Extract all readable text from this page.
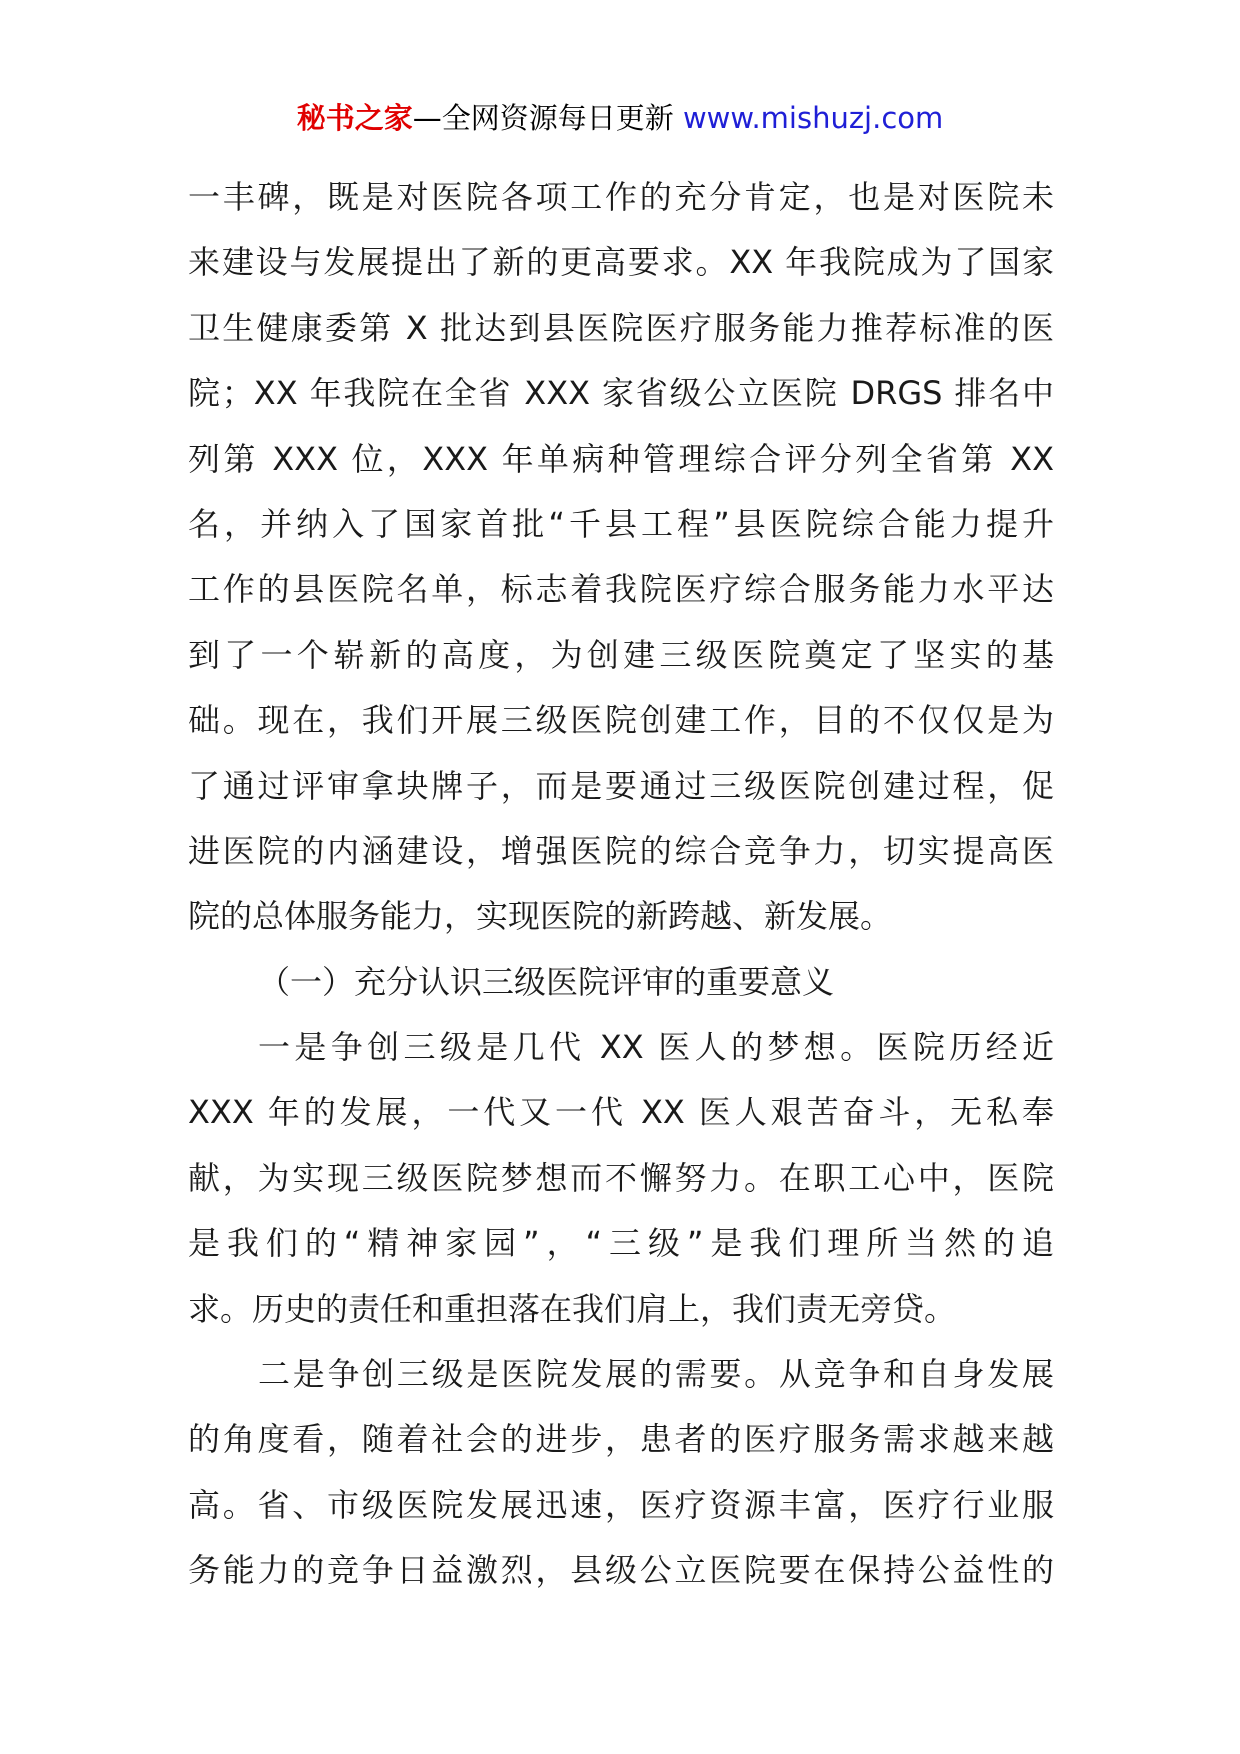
秘书之家—全网资源每日更新 www.mishuzj.com
一丰碑，既是对医院各项工作的充分肯定，也是对医院未
来建设与发展提出了新的更高要求。XX 年我院成为了国家
卫生健康委第 X 批达到县医院医疗服务能力推荐标准的医
院；XX 年我院在全省 XXX 家省级公立医院 DRGS 排名中
列第 XXX 位，XXX 年单病种管理综合评分列全省第 XX
名，并纳入了国家首批“千县工程”县医院综合能力提升
工作的县医院名单，标志着我院医疗综合服务能力水平达
到了一个崭新的高度，为创建三级医院奠定了坚实的基
础。现在，我们开展三级医院创建工作，目的不仅仅是为
了通过评审拿块牌子，而是要通过三级医院创建过程，促
进医院的内涵建设，增强医院的综合竞争力，切实提高医
院的总体服务能力，实现医院的新跨越、新发展。
（一）充分认识三级医院评审的重要意义
一是争创三级是几代 XX 医人的梦想。医院历经近
XXX 年的发展，一代又一代 XX 医人艰苦奋斗，无私奉
献，为实现三级医院梦想而不懈努力。在职工心中，医院
是我们的“精神家园”，“三级”是我们理所当然的追
求。历史的责任和重担落在我们肩上，我们责无旁贷。
二是争创三级是医院发展的需要。从竞争和自身发展
的角度看，随着社会的进步，患者的医疗服务需求越来越
高。省、市级医院发展迅速，医疗资源丰富，医疗行业服
务能力的竞争日益激烈，县级公立医院要在保持公益性的
